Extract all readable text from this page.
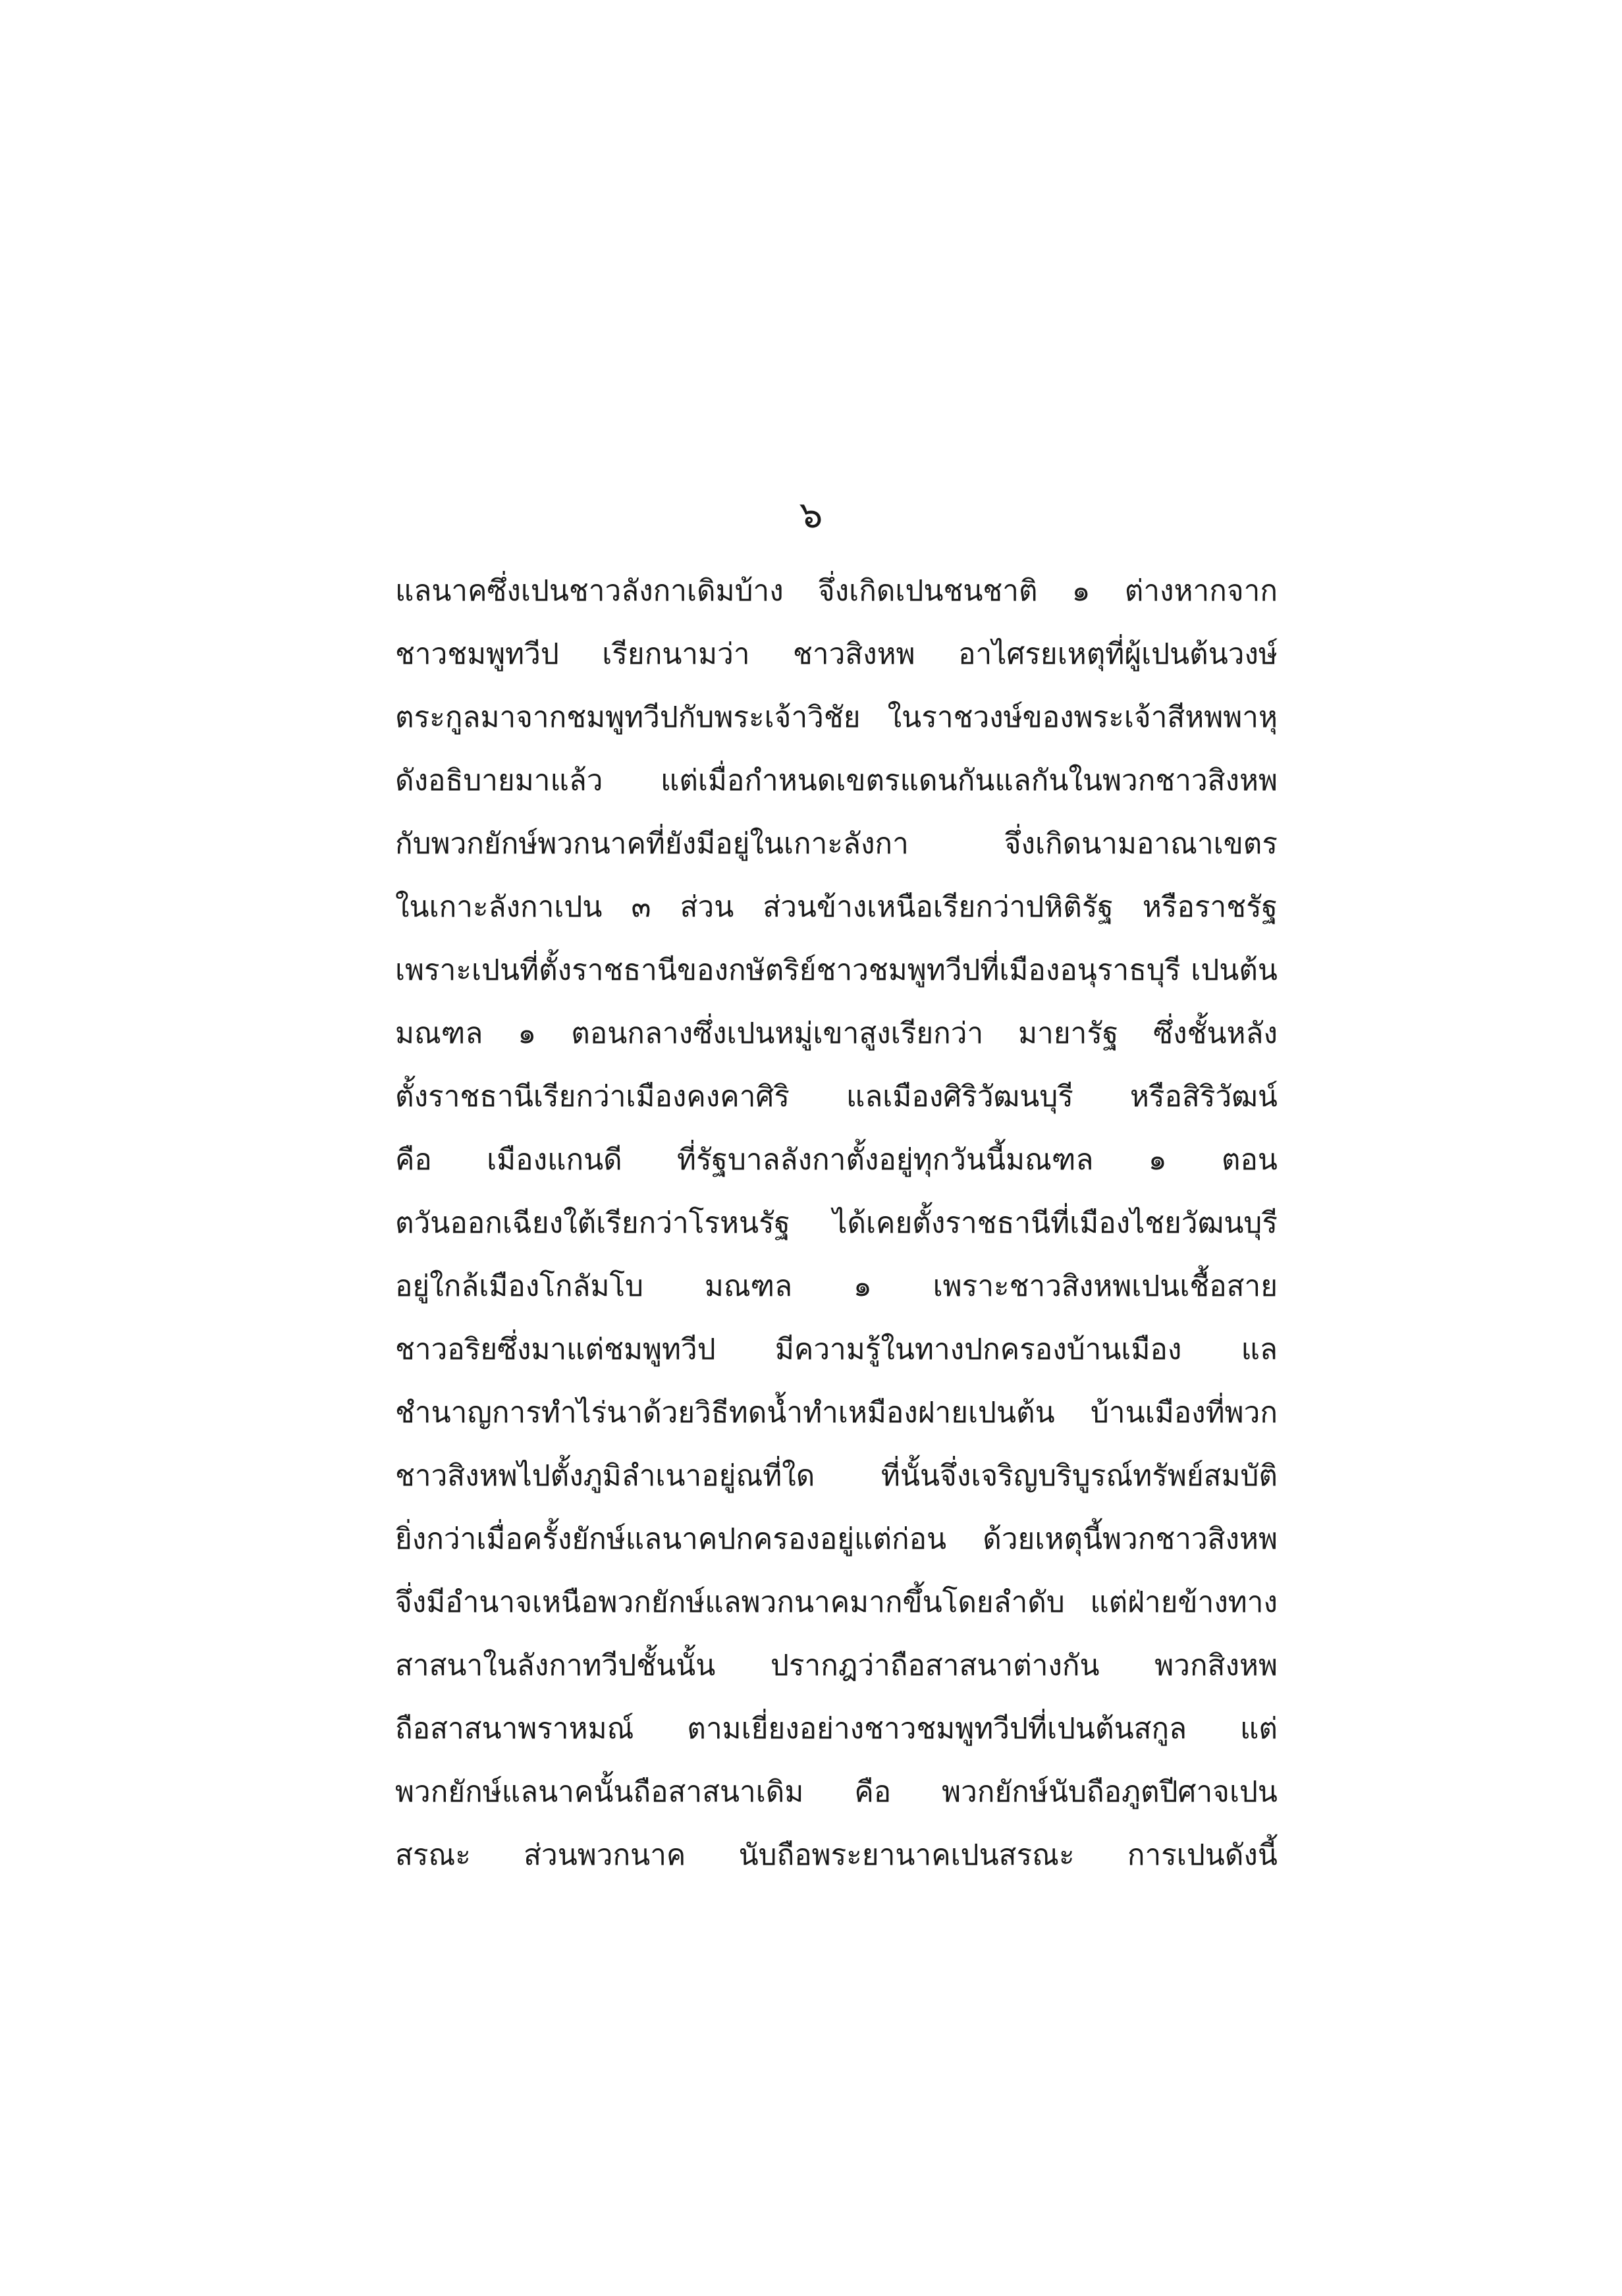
๖
แลนาคซึ่งเปนชาวลังกาเดิมบ้าง จึ่งเกิดเปนชนชาติ ๑ ต่างหากจาก
ชาวชมพูทวีป เรียกนามว่า ชาวสิงหพ อาไศรยเหตุที่ผู้เปนต้นวงษ์
ตระกูลมาจากชมพูทวีปกับพระเจ้าวิชัย ในราชวงษ์ของพระเจ้าสีหพพาหุ
ดังอธิบายมาแล้ว แต่เมื่อกำหนดเขตรแดนกันแลกันในพวกชาวสิงหพ
กับพวกยักษ์พวกนาคที่ยังมีอยู่ในเกาะลังกา จึ่งเกิดนามอาณาเขตร
ในเกาะลังกาเปน ๓ ส่วน ส่วนข้างเหนือเรียกว่าปหิติรัฐ หรือราชรัฐ
เพราะเปนที่ตั้งราชธานีของกษัตริย์ชาวชมพูทวีปที่เมืองอนุราธบุรี เปนต้น
มณฑล ๑ ตอนกลางซึ่งเปนหมู่เขาสูงเรียกว่า มายารัฐ ซึ่งชั้นหลัง
ตั้งราชธานีเรียกว่าเมืองคงคาศิริ แลเมืองศิริวัฒนบุรี หรือสิริวัฒน์
คือ เมืองแกนดี ที่รัฐบาลลังกาตั้งอยู่ทุกวันนี้มณฑล ๑ ตอน
ตวันออกเฉียงใต้เรียกว่าโรหนรัฐ ได้เคยตั้งราชธานีที่เมืองไชยวัฒนบุรี
อยู่ใกล้เมืองโกลัมโบ มณฑล ๑ เพราะชาวสิงหพเปนเชื้อสาย
ชาวอริยซึ่งมาแต่ชมพูทวีป มีความรู้ในทางปกครองบ้านเมือง แล
ชำนาญการทำไร่นาด้วยวิธีทดน้ำทำเหมืองฝายเปนต้น บ้านเมืองที่พวก
ชาวสิงหพไปตั้งภูมิลำเนาอยู่ณที่ใด ที่นั้นจึ่งเจริญบริบูรณ์ทรัพย์สมบัติ
ยิ่งกว่าเมื่อครั้งยักษ์แลนาคปกครองอยู่แต่ก่อน ด้วยเหตุนี้พวกชาวสิงหพ
จึ่งมีอำนาจเหนือพวกยักษ์แลพวกนาคมากขึ้นโดยลำดับ แต่ฝ่ายข้างทาง
สาสนาในลังกาทวีปชั้นนั้น ปรากฎว่าถือสาสนาต่างกัน พวกสิงหพ
ถือสาสนาพราหมณ์ ตามเยี่ยงอย่างชาวชมพูทวีปที่เปนต้นสกูล แต่
พวกยักษ์แลนาคนั้นถือสาสนาเดิม คือ พวกยักษ์นับถือภูตปีศาจเปน
สรณะ ส่วนพวกนาค นับถือพระยานาคเปนสรณะ การเปนดังนี้
